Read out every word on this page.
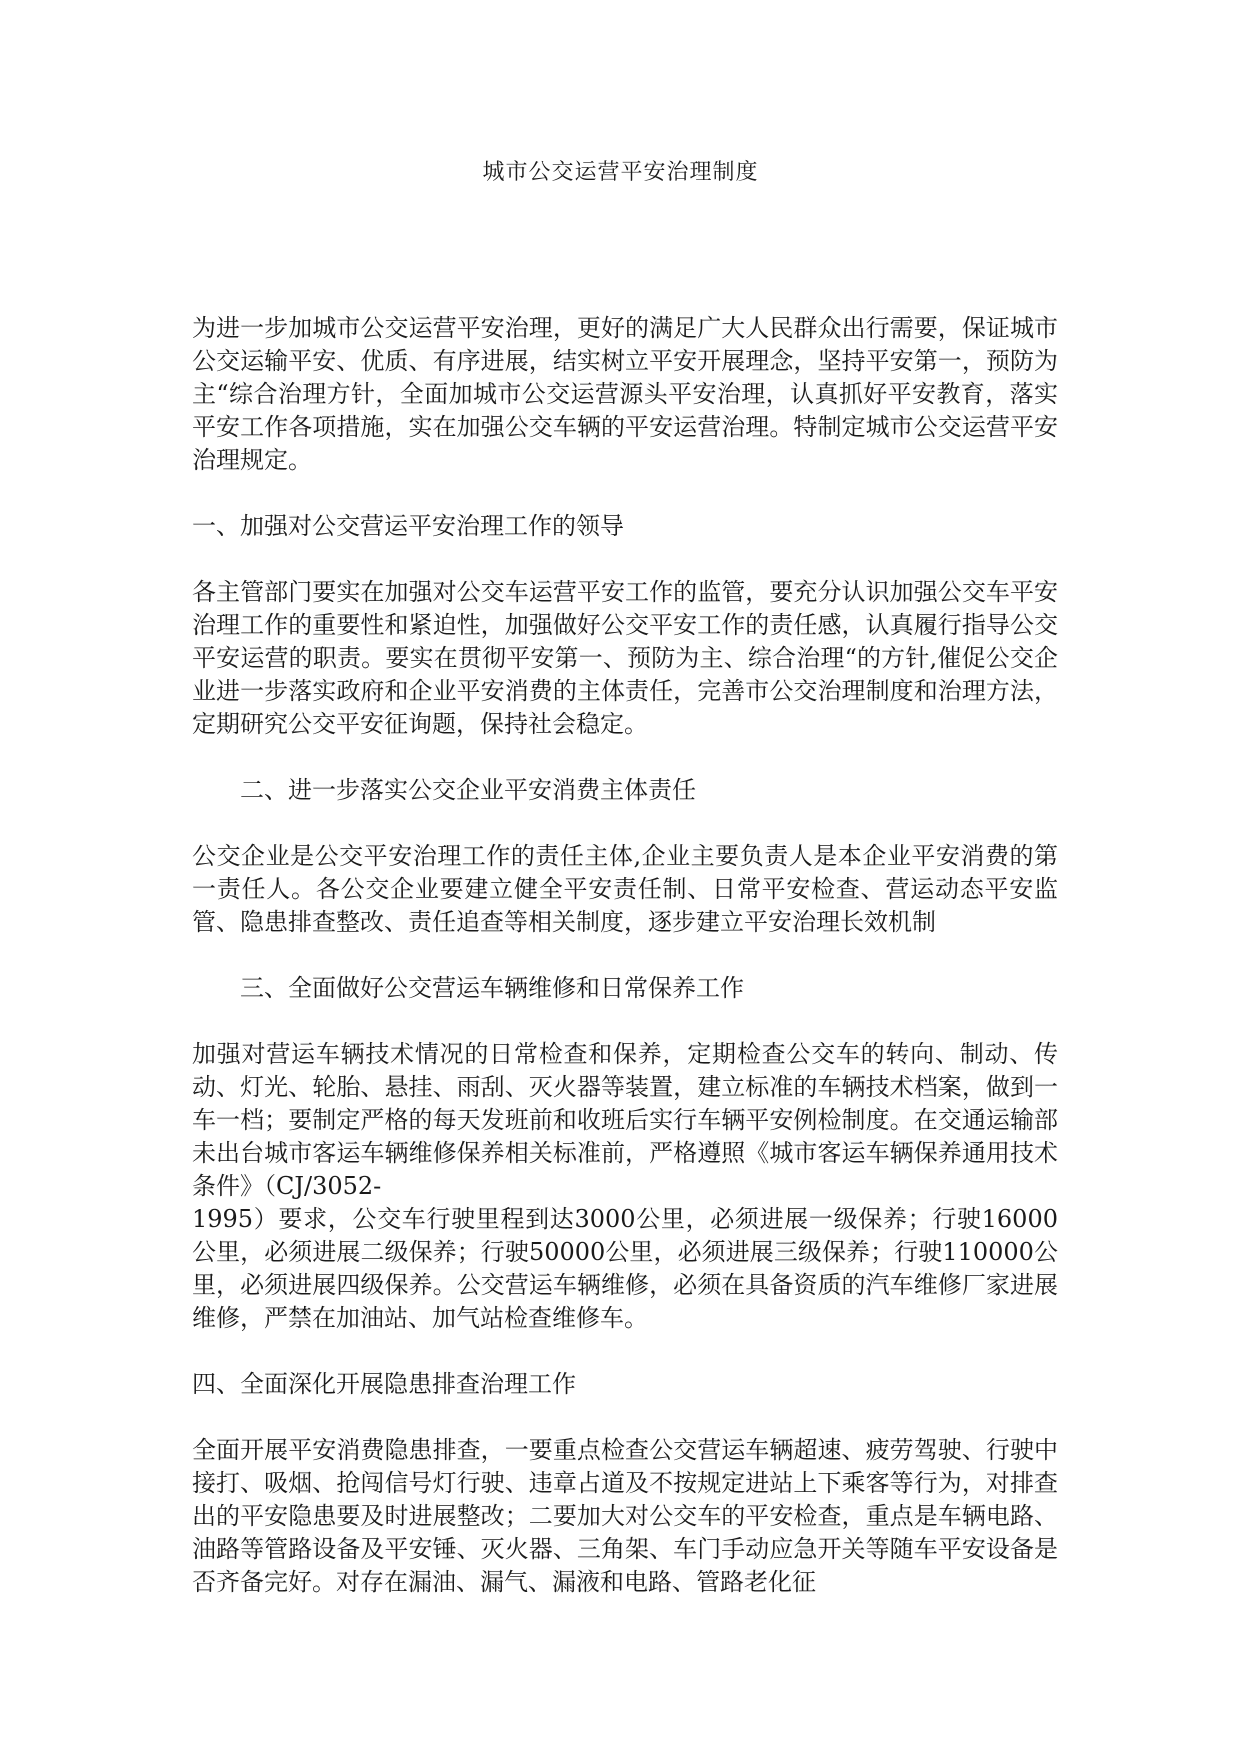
城市公交运营平安治理制度

为进一步加城市公交运营平安治理，更好的满足广大人民群众出行需要，保证城市公交运输平安、优质、有序进展，结实树立平安开展理念，坚持平安第一，预防为主“综合治理方针，全面加城市公交运营源头平安治理，认真抓好平安教育，落实平安工作各项措施，实在加强公交车辆的平安运营治理。特制定城市公交运营平安治理规定。

一、加强对公交营运平安治理工作的领导

各主管部门要实在加强对公交车运营平安工作的监管，要充分认识加强公交车平安治理工作的重要性和紧迫性，加强做好公交平安工作的责任感，认真履行指导公交平安运营的职责。要实在贯彻平安第一、预防为主、综合治理“的方针,催促公交企业进一步落实政府和企业平安消费的主体责任，完善市公交治理制度和治理方法，定期研究公交平安征询题，保持社会稳定。

二、进一步落实公交企业平安消费主体责任

公交企业是公交平安治理工作的责任主体,企业主要负责人是本企业平安消费的第一责任人。各公交企业要建立健全平安责任制、日常平安检查、营运动态平安监管、隐患排查整改、责任追查等相关制度，逐步建立平安治理长效机制

三、全面做好公交营运车辆维修和日常保养工作

加强对营运车辆技术情况的日常检查和保养，定期检查公交车的转向、制动、传动、灯光、轮胎、悬挂、雨刮、灭火器等装置，建立标准的车辆技术档案，做到一车一档；要制定严格的每天发班前和收班后实行车辆平安例检制度。在交通运输部未出台城市客运车辆维修保养相关标准前，严格遵照《城市客运车辆保养通用技术条件》（CJ/3052-

1995）要求，公交车行驶里程到达3000公里，必须进展一级保养；行驶16000公里，必须进展二级保养；行驶50000公里，必须进展三级保养；行驶110000公里，必须进展四级保养。公交营运车辆维修，必须在具备资质的汽车维修厂家进展维修，严禁在加油站、加气站检查维修车。

四、全面深化开展隐患排查治理工作

全面开展平安消费隐患排查，一要重点检查公交营运车辆超速、疲劳驾驶、行驶中接打、吸烟、抢闯信号灯行驶、违章占道及不按规定进站上下乘客等行为，对排查出的平安隐患要及时进展整改；二要加大对公交车的平安检查，重点是车辆电路、油路等管路设备及平安锤、灭火器、三角架、车门手动应急开关等随车平安设备是否齐备完好。对存在漏油、漏气、漏液和电路、管路老化征
